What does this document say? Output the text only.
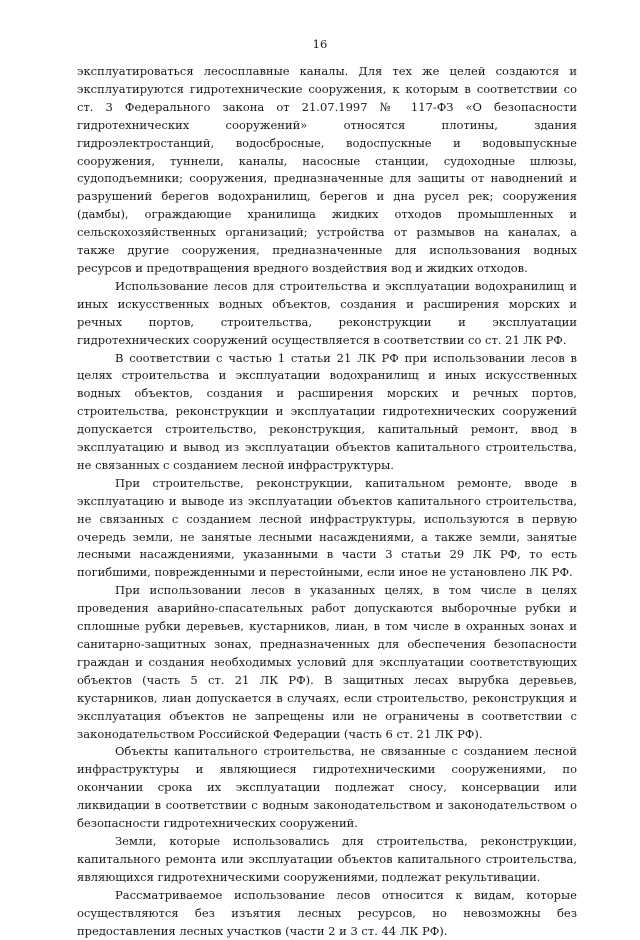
16

эксплуатироваться лесосплавные каналы. Для тех же целей создаются и эксплуатируются гидротехнические сооружения, к которым в соответствии со ст. 3 Федерального закона от 21.07.1997 № 117-ФЗ «О безопасности гидротехнических сооружений» относятся плотины, здания гидроэлектростанций, водосбросные, водоспускные и водовыпускные сооружения, туннели, каналы, насосные станции, судоходные шлюзы, судоподъемники; сооружения, предназначенные для защиты от наводнений и разрушений берегов водохранилищ, берегов и дна русел рек; сооружения (дамбы), ограждающие хранилища жидких отходов промышленных и сельскохозяйственных организаций; устройства от размывов на каналах, а также другие сооружения, предназначенные для использования водных ресурсов и предотвращения вредного воздействия вод и жидких отходов.

Использование лесов для строительства и эксплуатации водохранилищ и иных искусственных водных объектов, создания и расширения морских и речных портов, строительства, реконструкции и эксплуатации гидротехнических сооружений осуществляется в соответствии со ст. 21 ЛК РФ.

В соответствии с частью 1 статьи 21 ЛК РФ при использовании лесов в целях строительства и эксплуатации водохранилищ и иных искусственных водных объектов, создания и расширения морских и речных портов, строительства, реконструкции и эксплуатации гидротехнических сооружений допускается строительство, реконструкция, капитальный ремонт, ввод в эксплуатацию и вывод из эксплуатации объектов капитального строительства, не связанных с созданием лесной инфраструктуры.

При строительстве, реконструкции, капитальном ремонте, вводе в эксплуатацию и выводе из эксплуатации объектов капитального строительства, не связанных с созданием лесной инфраструктуры, используются в первую очередь земли, не занятые лесными насаждениями, а также земли, занятые лесными насаждениями, указанными в части 3 статьи 29 ЛК РФ, то есть погибшими, поврежденными и перестойными, если иное не установлено ЛК РФ.

При использовании лесов в указанных целях, в том числе в целях проведения аварийно-спасательных работ допускаются выборочные рубки и сплошные рубки деревьев, кустарников, лиан, в том числе в охранных зонах и санитарно-защитных зонах, предназначенных для обеспечения безопасности граждан и создания необходимых условий для эксплуатации соответствующих объектов (часть 5 ст. 21 ЛК РФ). В защитных лесах вырубка деревьев, кустарников, лиан допускается в случаях, если строительство, реконструкция и эксплуатация объектов не запрещены или не ограничены в соответствии с законодательством Российской Федерации (часть 6 ст. 21 ЛК РФ).

Объекты капитального строительства, не связанные с созданием лесной инфраструктуры и являющиеся гидротехническими сооружениями, по окончании срока их эксплуатации подлежат сносу, консервации или ликвидации в соответствии с водным законодательством и законодательством о безопасности гидротехнических сооружений.

Земли, которые использовались для строительства, реконструкции, капитального ремонта или эксплуатации объектов капитального строительства, являющихся гидротехническими сооружениями, подлежат рекультивации.

Рассматриваемое использование лесов относится к видам, которые осуществляются без изъятия лесных ресурсов, но невозможны без предоставления лесных участков (части 2 и 3 ст. 44 ЛК РФ).
